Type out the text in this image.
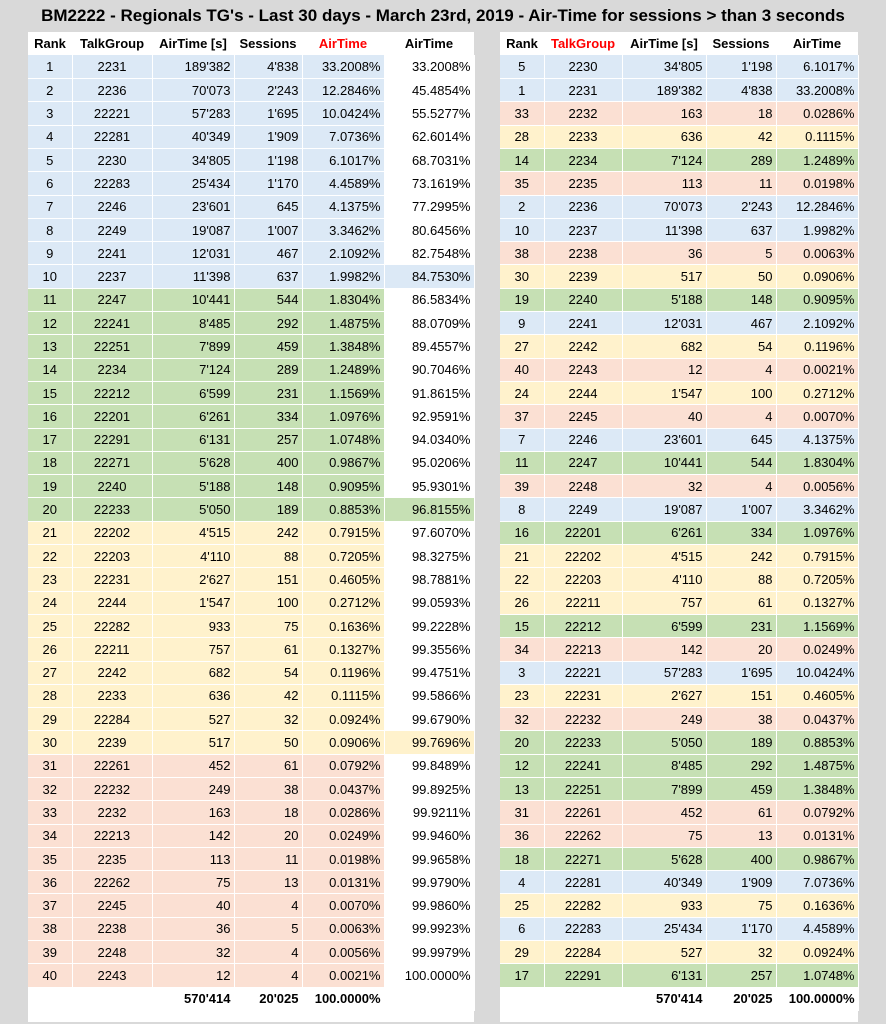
BM2222 - Regionals TG's - Last 30 days - March 23rd, 2019 - Air-Time for sessions > than 3 seconds
Rank	TalkGroup	AirTime [s]	Sessions	AirTime	AirTime
1	2231	189'382	4'838	33.2008%	33.2008%
2	2236	70'073	2'243	12.2846%	45.4854%
3	22221	57'283	1'695	10.0424%	55.5277%
4	22281	40'349	1'909	7.0736%	62.6014%
5	2230	34'805	1'198	6.1017%	68.7031%
6	22283	25'434	1'170	4.4589%	73.1619%
7	2246	23'601	645	4.1375%	77.2995%
8	2249	19'087	1'007	3.3462%	80.6456%
9	2241	12'031	467	2.1092%	82.7548%
10	2237	11'398	637	1.9982%	84.7530%
11	2247	10'441	544	1.8304%	86.5834%
12	22241	8'485	292	1.4875%	88.0709%
13	22251	7'899	459	1.3848%	89.4557%
14	2234	7'124	289	1.2489%	90.7046%
15	22212	6'599	231	1.1569%	91.8615%
16	22201	6'261	334	1.0976%	92.9591%
17	22291	6'131	257	1.0748%	94.0340%
18	22271	5'628	400	0.9867%	95.0206%
19	2240	5'188	148	0.9095%	95.9301%
20	22233	5'050	189	0.8853%	96.8155%
21	22202	4'515	242	0.7915%	97.6070%
22	22203	4'110	88	0.7205%	98.3275%
23	22231	2'627	151	0.4605%	98.7881%
24	2244	1'547	100	0.2712%	99.0593%
25	22282	933	75	0.1636%	99.2228%
26	22211	757	61	0.1327%	99.3556%
27	2242	682	54	0.1196%	99.4751%
28	2233	636	42	0.1115%	99.5866%
29	22284	527	32	0.0924%	99.6790%
30	2239	517	50	0.0906%	99.7696%
31	22261	452	61	0.0792%	99.8489%
32	22232	249	38	0.0437%	99.8925%
33	2232	163	18	0.0286%	99.9211%
34	22213	142	20	0.0249%	99.9460%
35	2235	113	11	0.0198%	99.9658%
36	22262	75	13	0.0131%	99.9790%
37	2245	40	4	0.0070%	99.9860%
38	2238	36	5	0.0063%	99.9923%
39	2248	32	4	0.0056%	99.9979%
40	2243	12	4	0.0021%	100.0000%
		570'414	20'025	100.0000%	
Rank	TalkGroup	AirTime [s]	Sessions	AirTime
5	2230	34'805	1'198	6.1017%
1	2231	189'382	4'838	33.2008%
33	2232	163	18	0.0286%
28	2233	636	42	0.1115%
14	2234	7'124	289	1.2489%
35	2235	113	11	0.0198%
2	2236	70'073	2'243	12.2846%
10	2237	11'398	637	1.9982%
38	2238	36	5	0.0063%
30	2239	517	50	0.0906%
19	2240	5'188	148	0.9095%
9	2241	12'031	467	2.1092%
27	2242	682	54	0.1196%
40	2243	12	4	0.0021%
24	2244	1'547	100	0.2712%
37	2245	40	4	0.0070%
7	2246	23'601	645	4.1375%
11	2247	10'441	544	1.8304%
39	2248	32	4	0.0056%
8	2249	19'087	1'007	3.3462%
16	22201	6'261	334	1.0976%
21	22202	4'515	242	0.7915%
22	22203	4'110	88	0.7205%
26	22211	757	61	0.1327%
15	22212	6'599	231	1.1569%
34	22213	142	20	0.0249%
3	22221	57'283	1'695	10.0424%
23	22231	2'627	151	0.4605%
32	22232	249	38	0.0437%
20	22233	5'050	189	0.8853%
12	22241	8'485	292	1.4875%
13	22251	7'899	459	1.3848%
31	22261	452	61	0.0792%
36	22262	75	13	0.0131%
18	22271	5'628	400	0.9867%
4	22281	40'349	1'909	7.0736%
25	22282	933	75	0.1636%
6	22283	25'434	1'170	4.4589%
29	22284	527	32	0.0924%
17	22291	6'131	257	1.0748%
		570'414	20'025	100.0000%
